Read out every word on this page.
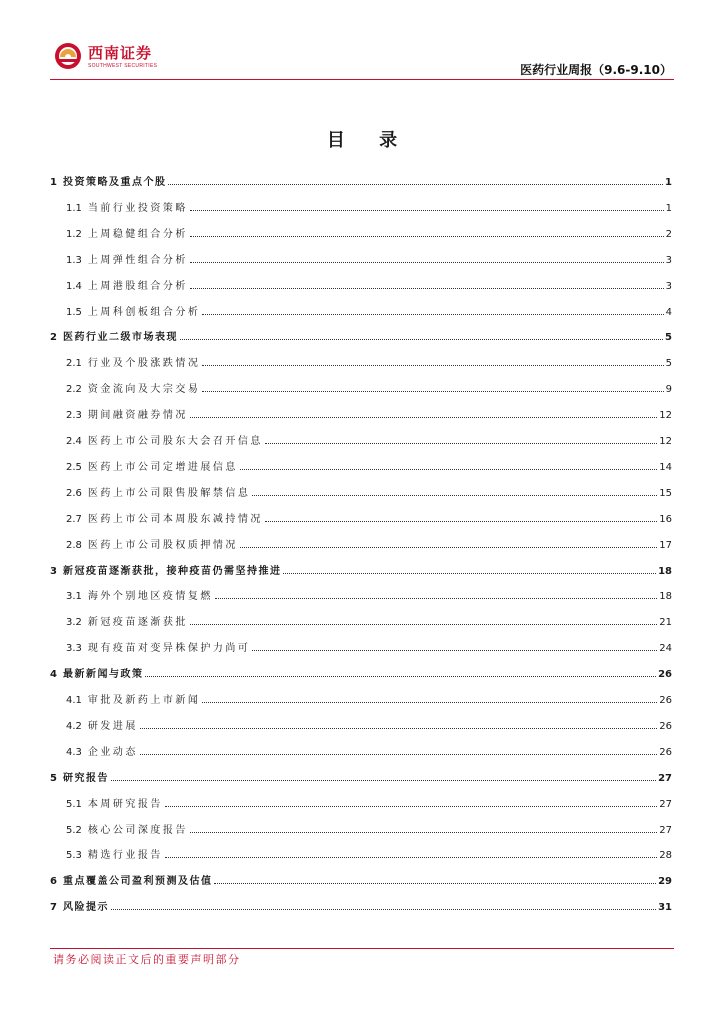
西南证券
SOUTHWEST SECURITIES	医药行业周报（9.6-9.10）
目 录
1 投资策略及重点个股	1
1.1 当前行业投资策略	1
1.2 上周稳健组合分析	2
1.3 上周弹性组合分析	3
1.4 上周港股组合分析	3
1.5 上周科创板组合分析	4
2 医药行业二级市场表现	5
2.1 行业及个股涨跌情况	5
2.2 资金流向及大宗交易	9
2.3 期间融资融券情况	12
2.4 医药上市公司股东大会召开信息	12
2.5 医药上市公司定增进展信息	14
2.6 医药上市公司限售股解禁信息	15
2.7 医药上市公司本周股东减持情况	16
2.8 医药上市公司股权质押情况	17
3 新冠疫苗逐渐获批，接种疫苗仍需坚持推进	18
3.1 海外个别地区疫情复燃	18
3.2 新冠疫苗逐渐获批	21
3.3 现有疫苗对变异株保护力尚可	24
4 最新新闻与政策	26
4.1 审批及新药上市新闻	26
4.2 研发进展	26
4.3 企业动态	26
5 研究报告	27
5.1 本周研究报告	27
5.2 核心公司深度报告	27
5.3 精选行业报告	28
6 重点覆盖公司盈利预测及估值	29
7 风险提示	31
请务必阅读正文后的重要声明部分
